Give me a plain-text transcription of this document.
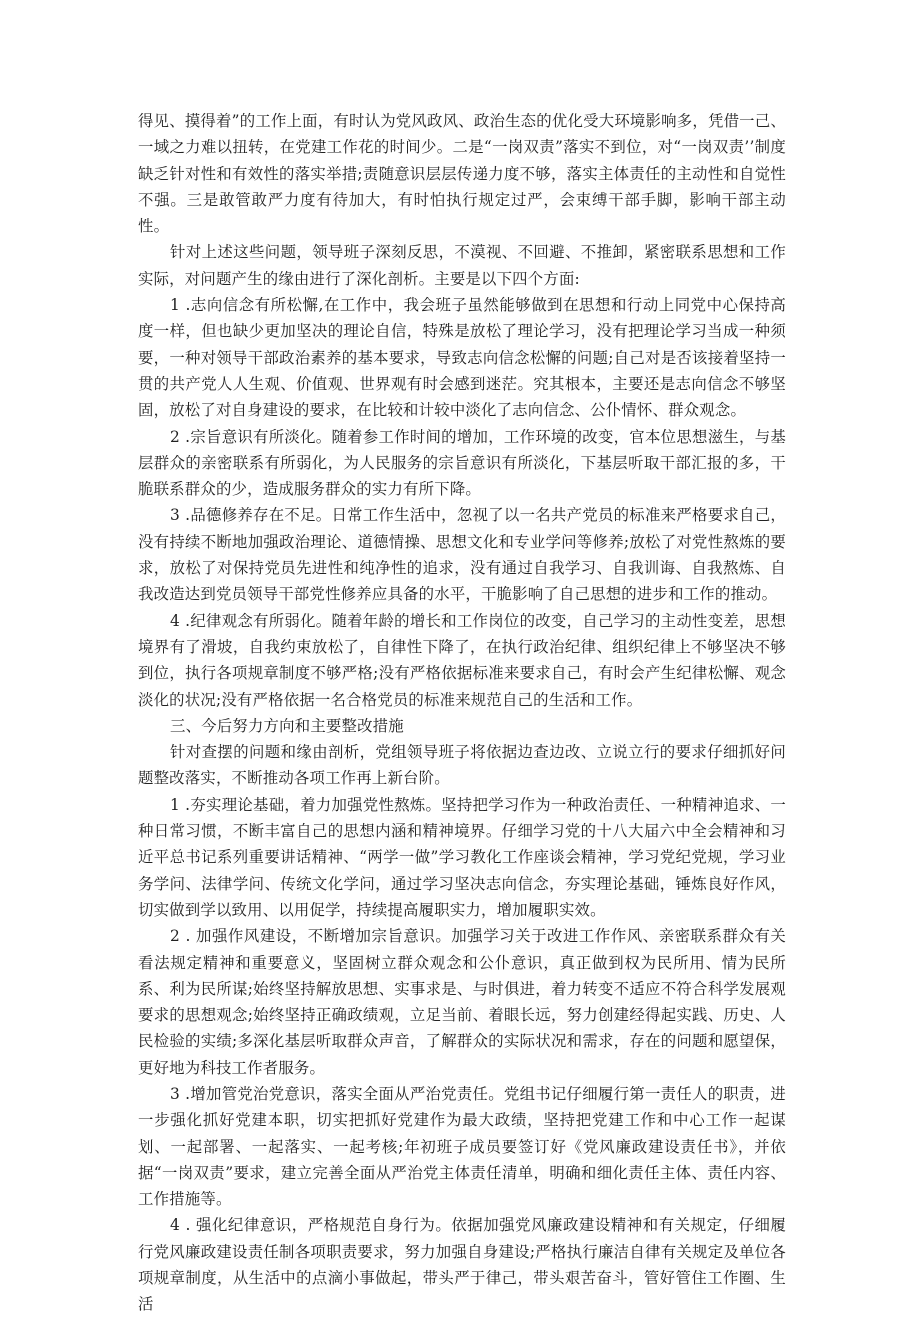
得见、摸得着”的工作上面，有时认为党风政风、政治生态的优化受大环境影响多，凭借一己、一域之力难以扭转，在党建工作花的时间少。二是“一岗双责”落实不到位，对“一岗双责’’制度缺乏针对性和有效性的落实举措;责随意识层层传递力度不够，落实主体责任的主动性和自觉性不强。三是敢管敢严力度有待加大，有时怕执行规定过严，会束缚干部手脚，影响干部主动性。

针对上述这些问题，领导班子深刻反思，不漠视、不回避、不推卸，紧密联系思想和工作实际，对问题产生的缘由进行了深化剖析。主要是以下四个方面:

1 .志向信念有所松懈,在工作中，我会班子虽然能够做到在思想和行动上同党中心保持高度一样，但也缺少更加坚决的理论自信，特殊是放松了理论学习，没有把理论学习当成一种须要，一种对领导干部政治素养的基本要求，导致志向信念松懈的问题;自己对是否该接着坚持一贯的共产党人人生观、价值观、世界观有时会感到迷茫。究其根本，主要还是志向信念不够坚固，放松了对自身建设的要求，在比较和计较中淡化了志向信念、公仆情怀、群众观念。

2 .宗旨意识有所淡化。随着参工作时间的增加，工作环境的改变，官本位思想滋生，与基层群众的亲密联系有所弱化，为人民服务的宗旨意识有所淡化，下基层听取干部汇报的多，干脆联系群众的少，造成服务群众的实力有所下降。

3 .品德修养存在不足。日常工作生活中，忽视了以一名共产党员的标准来严格要求自己，没有持续不断地加强政治理论、道德情操、思想文化和专业学问等修养;放松了对党性熬炼的要求，放松了对保持党员先进性和纯净性的追求，没有通过自我学习、自我训诲、自我熬炼、自我改造达到党员领导干部党性修养应具备的水平，干脆影响了自己思想的进步和工作的推动。

4 .纪律观念有所弱化。随着年龄的增长和工作岗位的改变，自己学习的主动性变差，思想境界有了滑坡，自我约束放松了，自律性下降了，在执行政治纪律、组织纪律上不够坚决不够到位，执行各项规章制度不够严格;没有严格依据标准来要求自己，有时会产生纪律松懈、观念淡化的状况;没有严格依据一名合格党员的标准来规范自己的生活和工作。

三、今后努力方向和主要整改措施

针对查摆的问题和缘由剖析，党组领导班子将依据边查边改、立说立行的要求仔细抓好问题整改落实，不断推动各项工作再上新台阶。

1 .夯实理论基础，着力加强党性熬炼。坚持把学习作为一种政治责任、一种精神追求、一种日常习惯，不断丰富自己的思想内涵和精神境界。仔细学习党的十八大届六中全会精神和习近平总书记系列重要讲话精神、“两学一做”学习教化工作座谈会精神，学习党纪党规，学习业务学问、法律学问、传统文化学问，通过学习坚决志向信念，夯实理论基础，锤炼良好作风，切实做到学以致用、以用促学，持续提高履职实力，增加履职实效。

2 . 加强作风建设，不断增加宗旨意识。加强学习关于改进工作作风、亲密联系群众有关看法规定精神和重要意义，坚固树立群众观念和公仆意识，真正做到权为民所用、情为民所系、利为民所谋;始终坚持解放思想、实事求是、与时俱进，着力转变不适应不符合科学发展观要求的思想观念;始终坚持正确政绩观，立足当前、着眼长远，努力创建经得起实践、历史、人民检验的实绩;多深化基层听取群众声音，了解群众的实际状况和需求，存在的问题和愿望保，更好地为科技工作者服务。

3 .增加管党治党意识，落实全面从严治党责任。党组书记仔细履行第一责任人的职责，进一步强化抓好党建本职，切实把抓好党建作为最大政绩，坚持把党建工作和中心工作一起谋划、一起部署、一起落实、一起考核;年初班子成员要签订好《党风廉政建设责任书》，并依据“一岗双责”要求，建立完善全面从严治党主体责任清单，明确和细化责任主体、责任内容、工作措施等。

4 . 强化纪律意识，严格规范自身行为。依据加强党风廉政建设精神和有关规定，仔细履行党风廉政建设责任制各项职责要求，努力加强自身建设;严格执行廉洁自律有关规定及单位各项规章制度，从生活中的点滴小事做起，带头严于律己，带头艰苦奋斗，管好管住工作圈、生活
